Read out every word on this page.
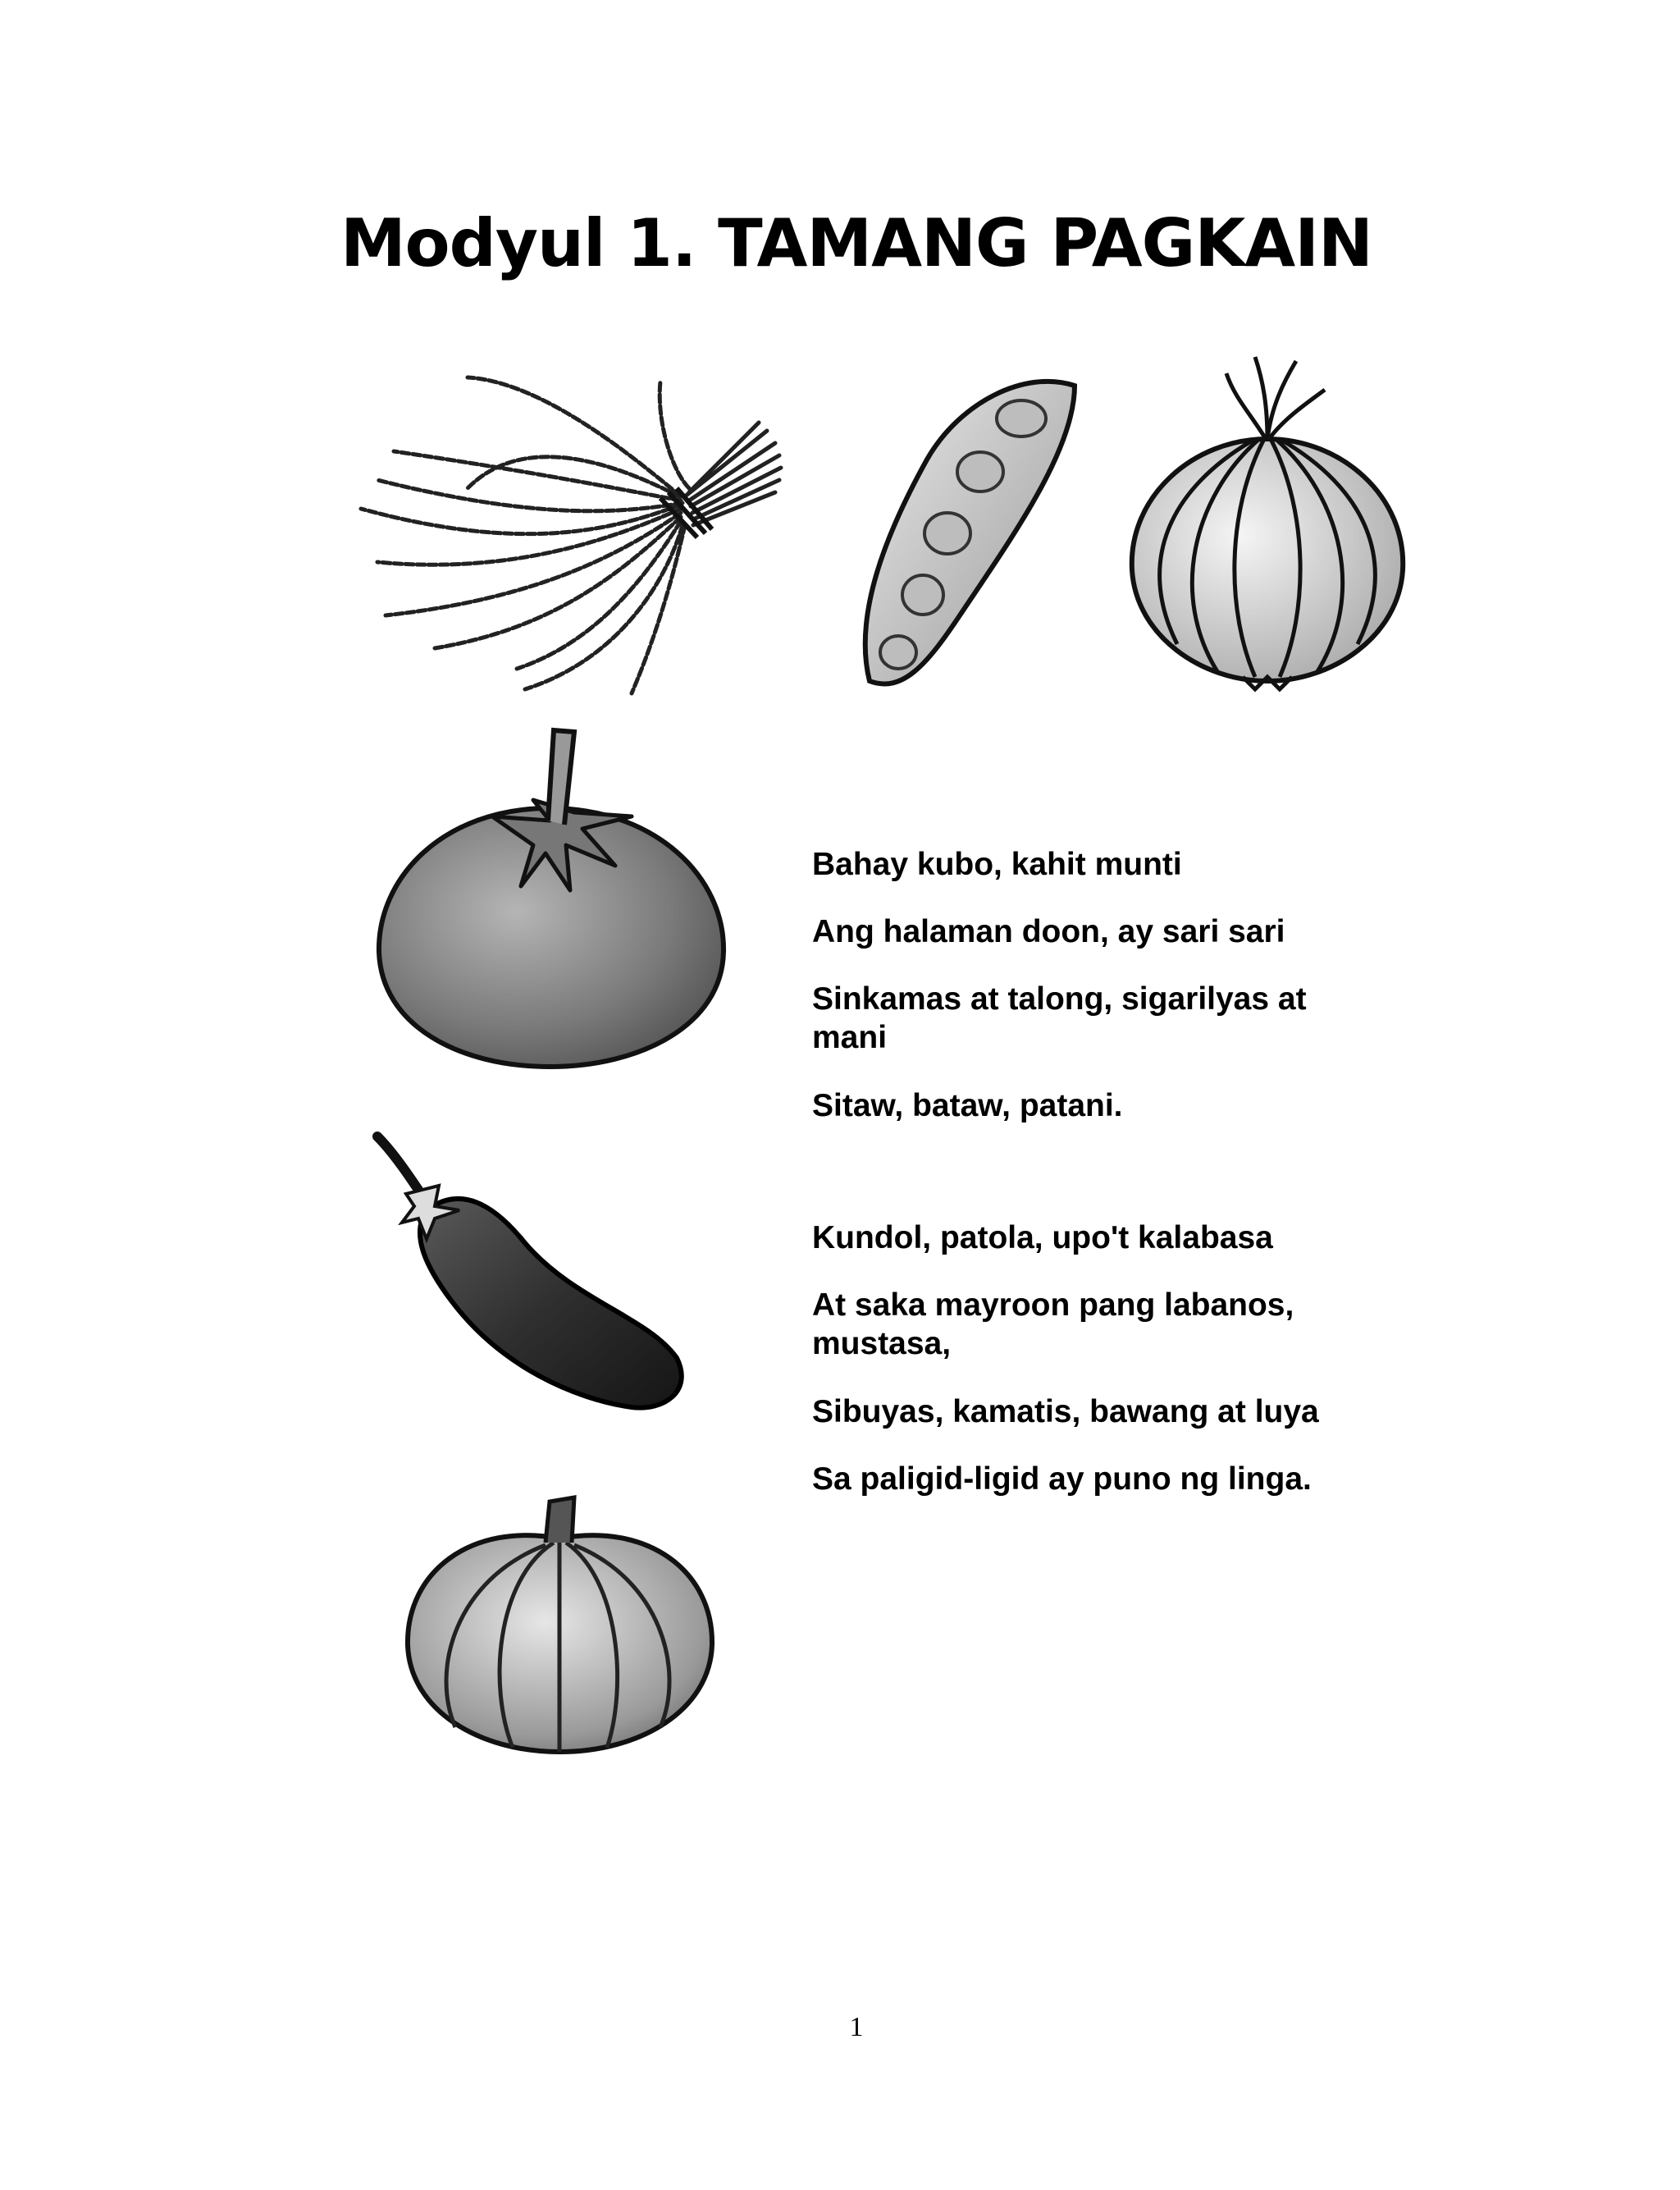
Modyul 1. TAMANG PAGKAIN

Bahay kubo, kahit munti

Ang halaman doon, ay sari sari

Sinkamas at talong, sigarilyas at mani

Sitaw, bataw, patani.

Kundol, patola, upo't kalabasa

At saka mayroon pang labanos, mustasa,

Sibuyas, kamatis, bawang at luya

Sa paligid-ligid ay puno ng linga.

1
